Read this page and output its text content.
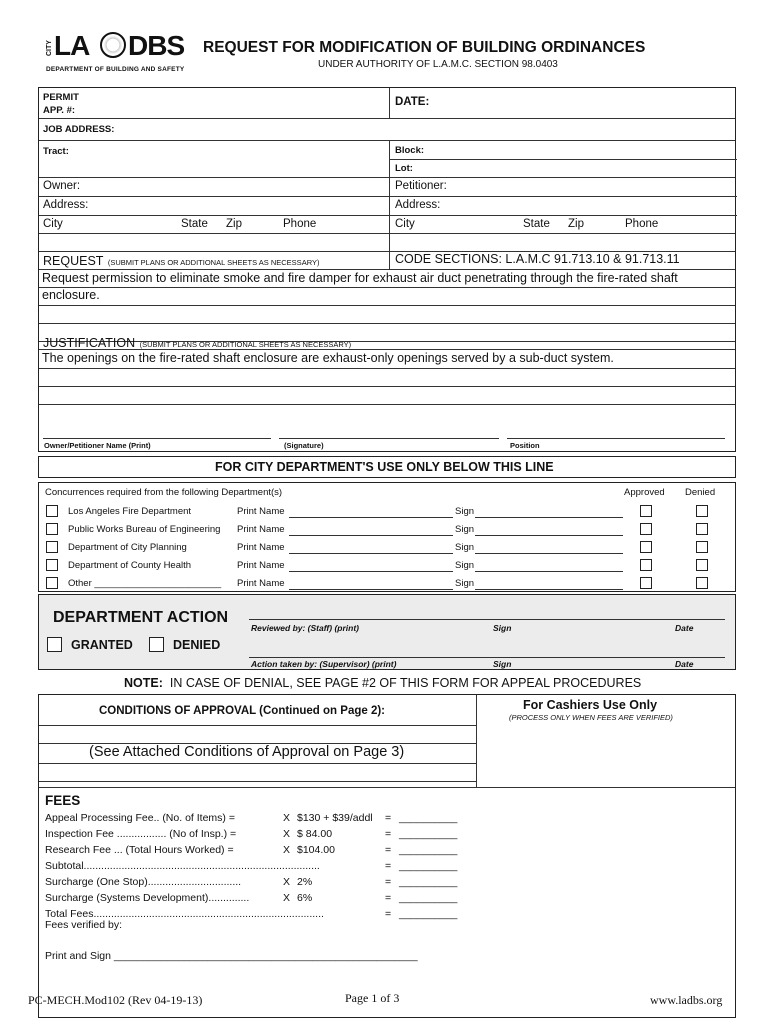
CITY LA DBS
DEPARTMENT OF BUILDING AND SAFETY
REQUEST FOR MODIFICATION OF BUILDING ORDINANCES
UNDER AUTHORITY OF L.A.M.C. SECTION 98.0403
PERMIT
APP. #:
DATE:
JOB ADDRESS:
Tract:	Block:
Lot:
Owner:	Petitioner:
Address:	Address:
City	State Zip	Phone	City	State Zip	Phone
REQUEST (SUBMIT PLANS OR ADDITIONAL SHEETS AS NECESSARY)	CODE SECTIONS: L.A.M.C 91.713.10 & 91.713.11
Request permission to eliminate smoke and fire damper for exhaust air duct penetrating through the fire-rated shaft
enclosure.
JUSTIFICATION (SUBMIT PLANS OR ADDITIONAL SHEETS AS NECESSARY)
The openings on the fire-rated shaft enclosure are exhaust-only openings served by a sub-duct system.
Owner/Petitioner Name (Print)	(Signature)	Position
FOR CITY DEPARTMENT'S USE ONLY BELOW THIS LINE
Concurrences required from the following Department(s)	Approved Denied
Los Angeles Fire Department	Print Name	Sign
Public Works Bureau of Engineering Print Name	Sign
Department of City Planning	Print Name	Sign
Department of County Health	Print Name	Sign
Other ________________________ Print Name	Sign
DEPARTMENT ACTION
GRANTED	DENIED
Reviewed by: (Staff) (print)	Sign	Date
Action taken by: (Supervisor) (print)	Sign	Date
NOTE: IN CASE OF DENIAL, SEE PAGE #2 OF THIS FORM FOR APPEAL PROCEDURES
CONDITIONS OF APPROVAL (Continued on Page 2):
(See Attached Conditions of Approval on Page 3)
For Cashiers Use Only
(PROCESS ONLY WHEN FEES ARE VERIFIED)
FEES
Appeal Processing Fee.. (No. of Items) =	X $130 + $39/addl = __________
Inspection Fee ................. (No of Insp.) =	X $ 84.00	= __________
Research Fee ... (Total Hours Worked) =	X $104.00	= __________
Subtotal.................................................................................	= __________
Surcharge (One Stop)................................	X 2%	= __________
Surcharge (Systems Development)..............	X 6%	= __________
Total Fees...............................................................................	= __________
Fees verified by:
Print and Sign ____________________________________________________
PC-MECH.Mod102 (Rev 04-19-13)	Page 1 of 3	www.ladbs.org
